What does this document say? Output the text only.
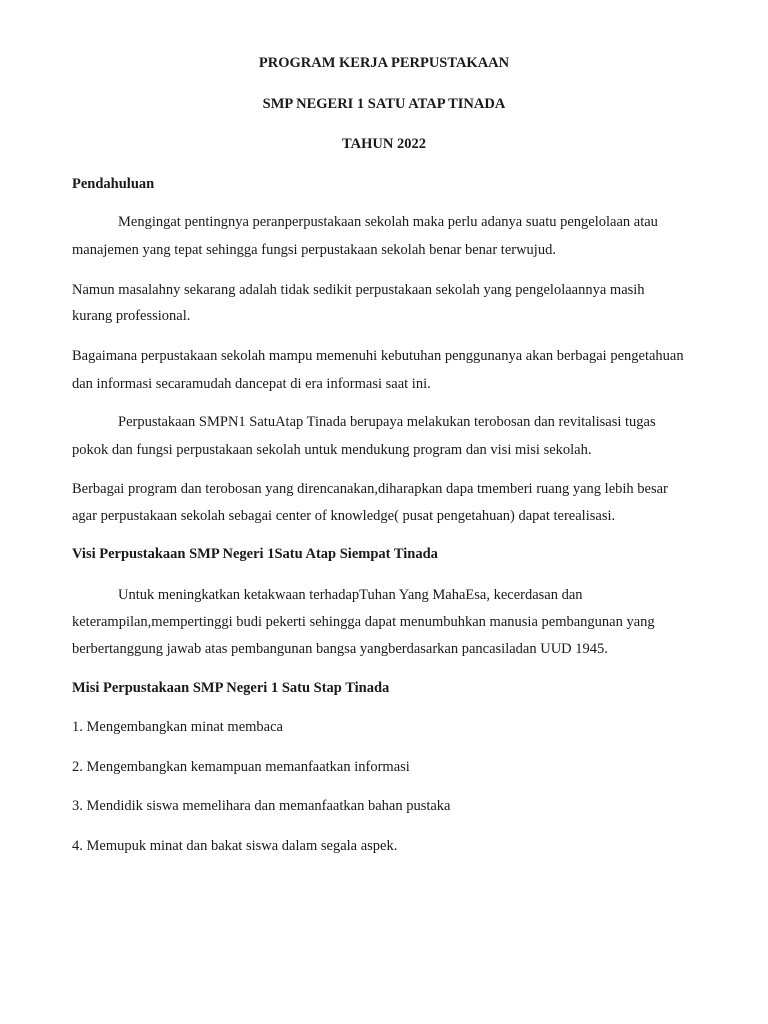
PROGRAM KERJA PERPUSTAKAAN
SMP NEGERI 1 SATU ATAP TINADA
TAHUN 2022
Pendahuluan
Mengingat pentingnya peranperpustakaan sekolah maka perlu adanya suatu pengelolaan atau
manajemen yang tepat sehingga fungsi perpustakaan sekolah benar benar terwujud.
Namun masalahny sekarang adalah tidak sedikit perpustakaan sekolah yang pengelolaannya masih
kurang professional.
Bagaimana perpustakaan sekolah mampu memenuhi kebutuhan penggunanya akan berbagai pengetahuan
dan informasi secaramudah dancepat di era informasi saat ini.
Perpustakaan SMPN1 SatuAtap Tinada berupaya melakukan terobosan dan revitalisasi tugas
pokok dan fungsi perpustakaan sekolah untuk mendukung program dan visi misi sekolah.
Berbagai program dan terobosan yang direncanakan,diharapkan dapa tmemberi ruang yang lebih besar
agar perpustakaan sekolah sebagai center of knowledge( pusat pengetahuan) dapat terealisasi.
Visi Perpustakaan SMP Negeri 1Satu Atap Siempat Tinada
Untuk meningkatkan ketakwaan terhadapTuhan Yang MahaEsa, kecerdasan dan
keterampilan,mempertinggi budi pekerti sehingga dapat menumbuhkan manusia pembangunan yang
berbertanggung jawab atas pembangunan bangsa yangberdasarkan pancasiladan UUD 1945.
Misi Perpustakaan SMP Negeri 1 Satu Stap Tinada
1. Mengembangkan minat membaca
2. Mengembangkan kemampuan memanfaatkan informasi
3. Mendidik siswa memelihara dan memanfaatkan bahan pustaka
4. Memupuk minat dan bakat siswa dalam segala aspek.
